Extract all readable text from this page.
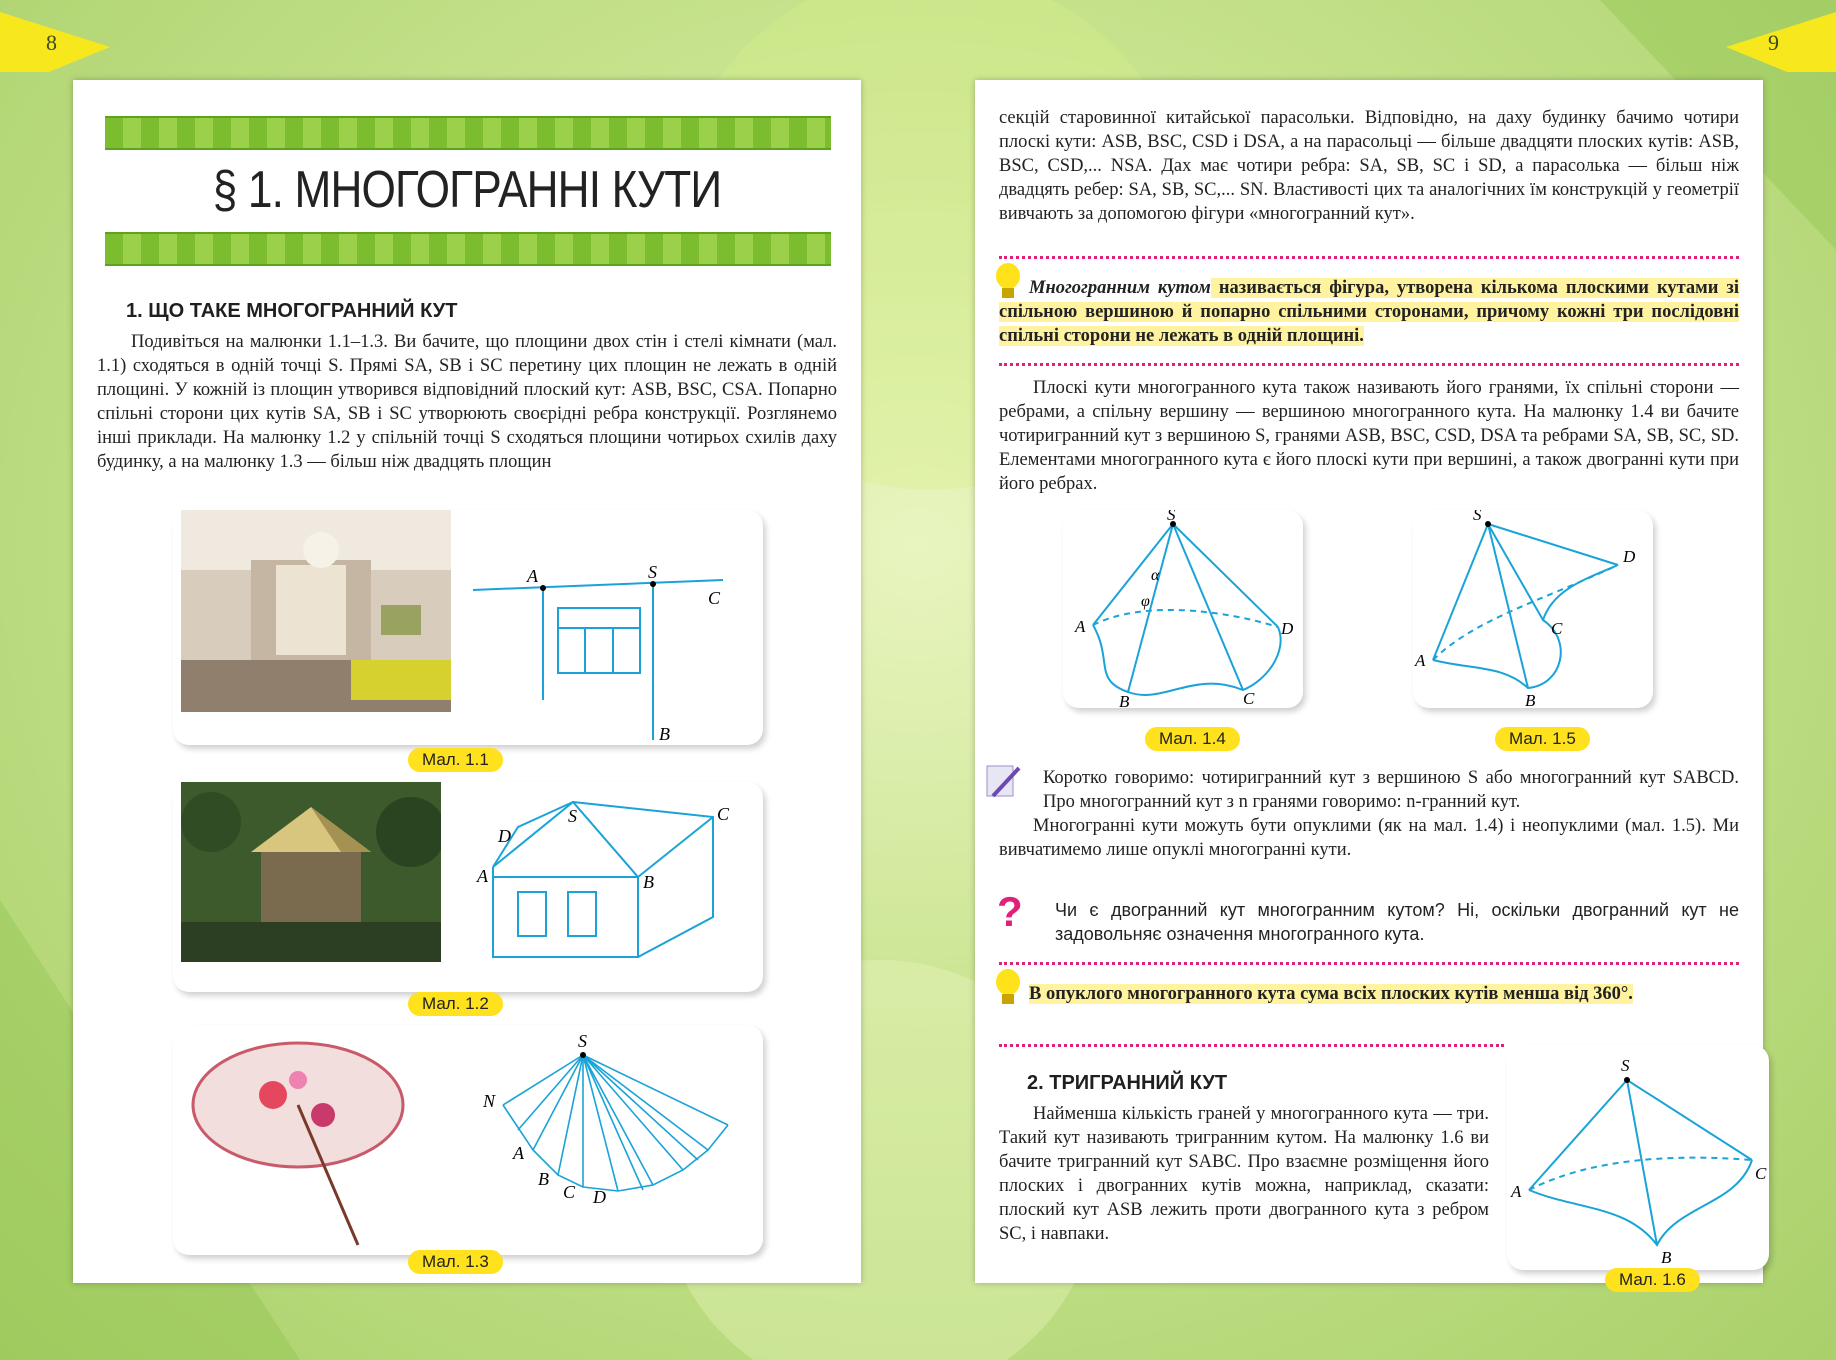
8	9
§ 1. МНОГОГРАННІ КУТИ
1. ЩО ТАКЕ МНОГОГРАННИЙ КУТ

Подивіться на малюнки 1.1–1.3. Ви бачите, що площини двох стін і стелі кімнати (мал. 1.1) сходяться в одній точці S. Прямі SA, SB і SC перетину цих площин не лежать в одній площині. У кожній із площин утворився відповідний плоский кут: ASB, BSC, CSA. Попарно спільні сторони цих кутів SA, SB і SC утворюють своєрідні ребра конструкції. Розглянемо інші приклади. На малюнку 1.2 у спільній точці S сходяться площини чотирьох схилів даху будинку, а на малюнку 1.3 — більш ніж двадцять площин

A	S
C
B
Мал. 1.1
S	C
D
A	B
Мал. 1.2
S
N
A
B
C D
Мал. 1.3

секцій старовинної китайської парасольки. Відповідно, на даху будинку бачимо чотири плоскі кути: ASB, BSC, CSD і DSA, а на парасольці — більше двадцяти плоских кутів: ASB, BSC, CSD,... NSA. Дах має чотири ребра: SA, SB, SC і SD, а парасолька — більш ніж двадцять ребер: SA, SB, SC,... SN. Властивості цих та аналогічних їм конструкцій у геометрії вивчають за допомогою фігури «многогранний кут».

Многогранним кутом називається фігура, утворена кількома плоскими кутами зі спільною вершиною й попарно спільними сторонами, причому кожні три послідовні спільні сторони не лежать в одній площині.

Плоскі кути многогранного кута також називають його гранями, їх спільні сторони — ребрами, а спільну вершину — вершиною многогранного кута. На малюнку 1.4 ви бачите чотиригранний кут з вершиною S, гранями ASB, BSC, CSD, DSA та ребрами SA, SB, SC, SD. Елементами многогранного кута є його плоскі кути при вершині, а також двогранні кути при його ребрах.

S
α
φ
A	D
B	C
Мал. 1.4
S
D
C
A
B
Мал. 1.5

Коротко говоримо: чотиригранний кут з вершиною S або многогранний кут SABCD. Про многогранний кут з n гранями говоримо: n-гранний кут.

Многогранні кути можуть бути опуклими (як на мал. 1.4) і неопуклими (мал. 1.5). Ми вивчатимемо лише опуклі многогранні кути.

? Чи є двогранний кут многогранним кутом? Ні, оскільки двогранний кут не задовольняє означення многогранного кута.
В опуклого многогранного кута сума всіх плоских кутів менша від 360°.
2. ТРИГРАННИЙ КУТ

Найменша кількість граней у многогранного кута — три. Такий кут називають тригранним кутом. На малюнку 1.6 ви бачите тригранний кут SABC. Про взаємне розміщення його плоских і двогранних кутів можна, наприклад, сказати: плоский кут ASB лежить проти двогранного кута з ребром SC, і навпаки.

S
A
C
B
Мал. 1.6
